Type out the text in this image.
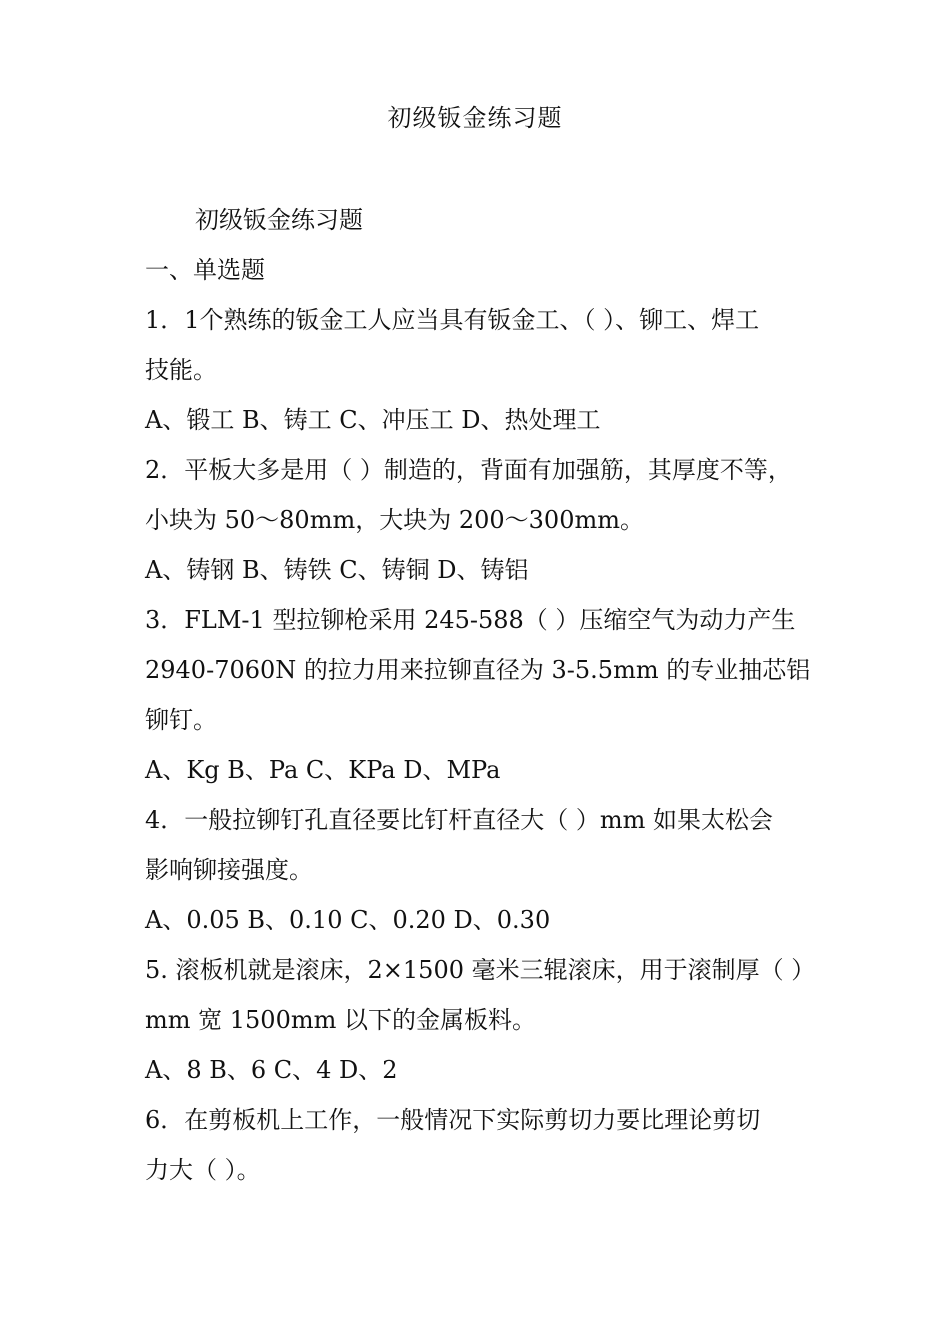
初级钣金练习题
初级钣金练习题
一、单选题
1．1个熟练的钣金工人应当具有钣金工、（ ）、铆工、焊工
技能。
A、锻工 B、铸工 C、冲压工 D、热处理工
2．平板大多是用（ ）制造的，背面有加强筋，其厚度不等，
小块为 50～80mm，大块为 200～300mm。
A、铸钢 B、铸铁 C、铸铜 D、铸铝
3．FLM-1 型拉铆枪采用 245-588（ ）压缩空气为动力产生
2940-7060N 的拉力用来拉铆直径为 3-5.5mm 的专业抽芯铝
铆钉。
A、Kg B、Pa C、KPa D、MPa
4．一般拉铆钉孔直径要比钉杆直径大（ ）mm 如果太松会
影响铆接强度。
A、0.05 B、0.10 C、0.20 D、0.30
5. 滚板机就是滚床，2×1500 毫米三辊滚床，用于滚制厚（ ）
mm 宽 1500mm 以下的金属板料。
A、8 B、6 C、4 D、2
6．在剪板机上工作，一般情况下实际剪切力要比理论剪切
力大（ ）。
